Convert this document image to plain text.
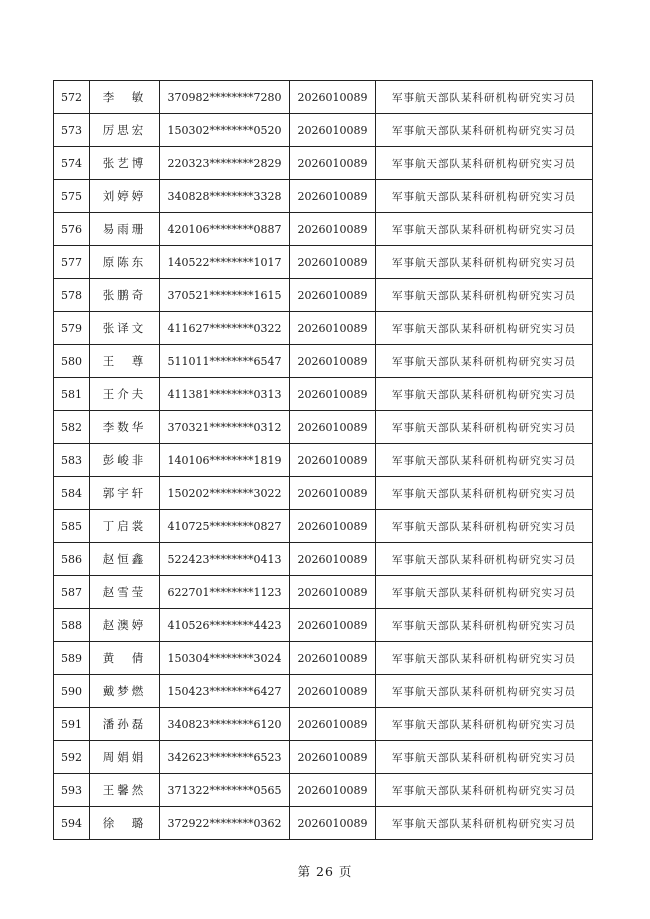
572	李　敏	370982********7280	2026010089	军事航天部队某科研机构研究实习员
573	厉思宏	150302********0520	2026010089	军事航天部队某科研机构研究实习员
574	张艺博	220323********2829	2026010089	军事航天部队某科研机构研究实习员
575	刘婷婷	340828********3328	2026010089	军事航天部队某科研机构研究实习员
576	易雨珊	420106********0887	2026010089	军事航天部队某科研机构研究实习员
577	原陈东	140522********1017	2026010089	军事航天部队某科研机构研究实习员
578	张鹏奇	370521********1615	2026010089	军事航天部队某科研机构研究实习员
579	张译文	411627********0322	2026010089	军事航天部队某科研机构研究实习员
580	王　尊	511011********6547	2026010089	军事航天部队某科研机构研究实习员
581	王介夫	411381********0313	2026010089	军事航天部队某科研机构研究实习员
582	李数华	370321********0312	2026010089	军事航天部队某科研机构研究实习员
583	彭峻非	140106********1819	2026010089	军事航天部队某科研机构研究实习员
584	郭宇轩	150202********3022	2026010089	军事航天部队某科研机构研究实习员
585	丁启裳	410725********0827	2026010089	军事航天部队某科研机构研究实习员
586	赵恒鑫	522423********0413	2026010089	军事航天部队某科研机构研究实习员
587	赵雪莹	622701********1123	2026010089	军事航天部队某科研机构研究实习员
588	赵澳婷	410526********4423	2026010089	军事航天部队某科研机构研究实习员
589	黄　倩	150304********3024	2026010089	军事航天部队某科研机构研究实习员
590	戴梦燃	150423********6427	2026010089	军事航天部队某科研机构研究实习员
591	潘孙磊	340823********6120	2026010089	军事航天部队某科研机构研究实习员
592	周娟娟	342623********6523	2026010089	军事航天部队某科研机构研究实习员
593	王馨然	371322********0565	2026010089	军事航天部队某科研机构研究实习员
594	徐　璐	372922********0362	2026010089	军事航天部队某科研机构研究实习员
第 26 页
